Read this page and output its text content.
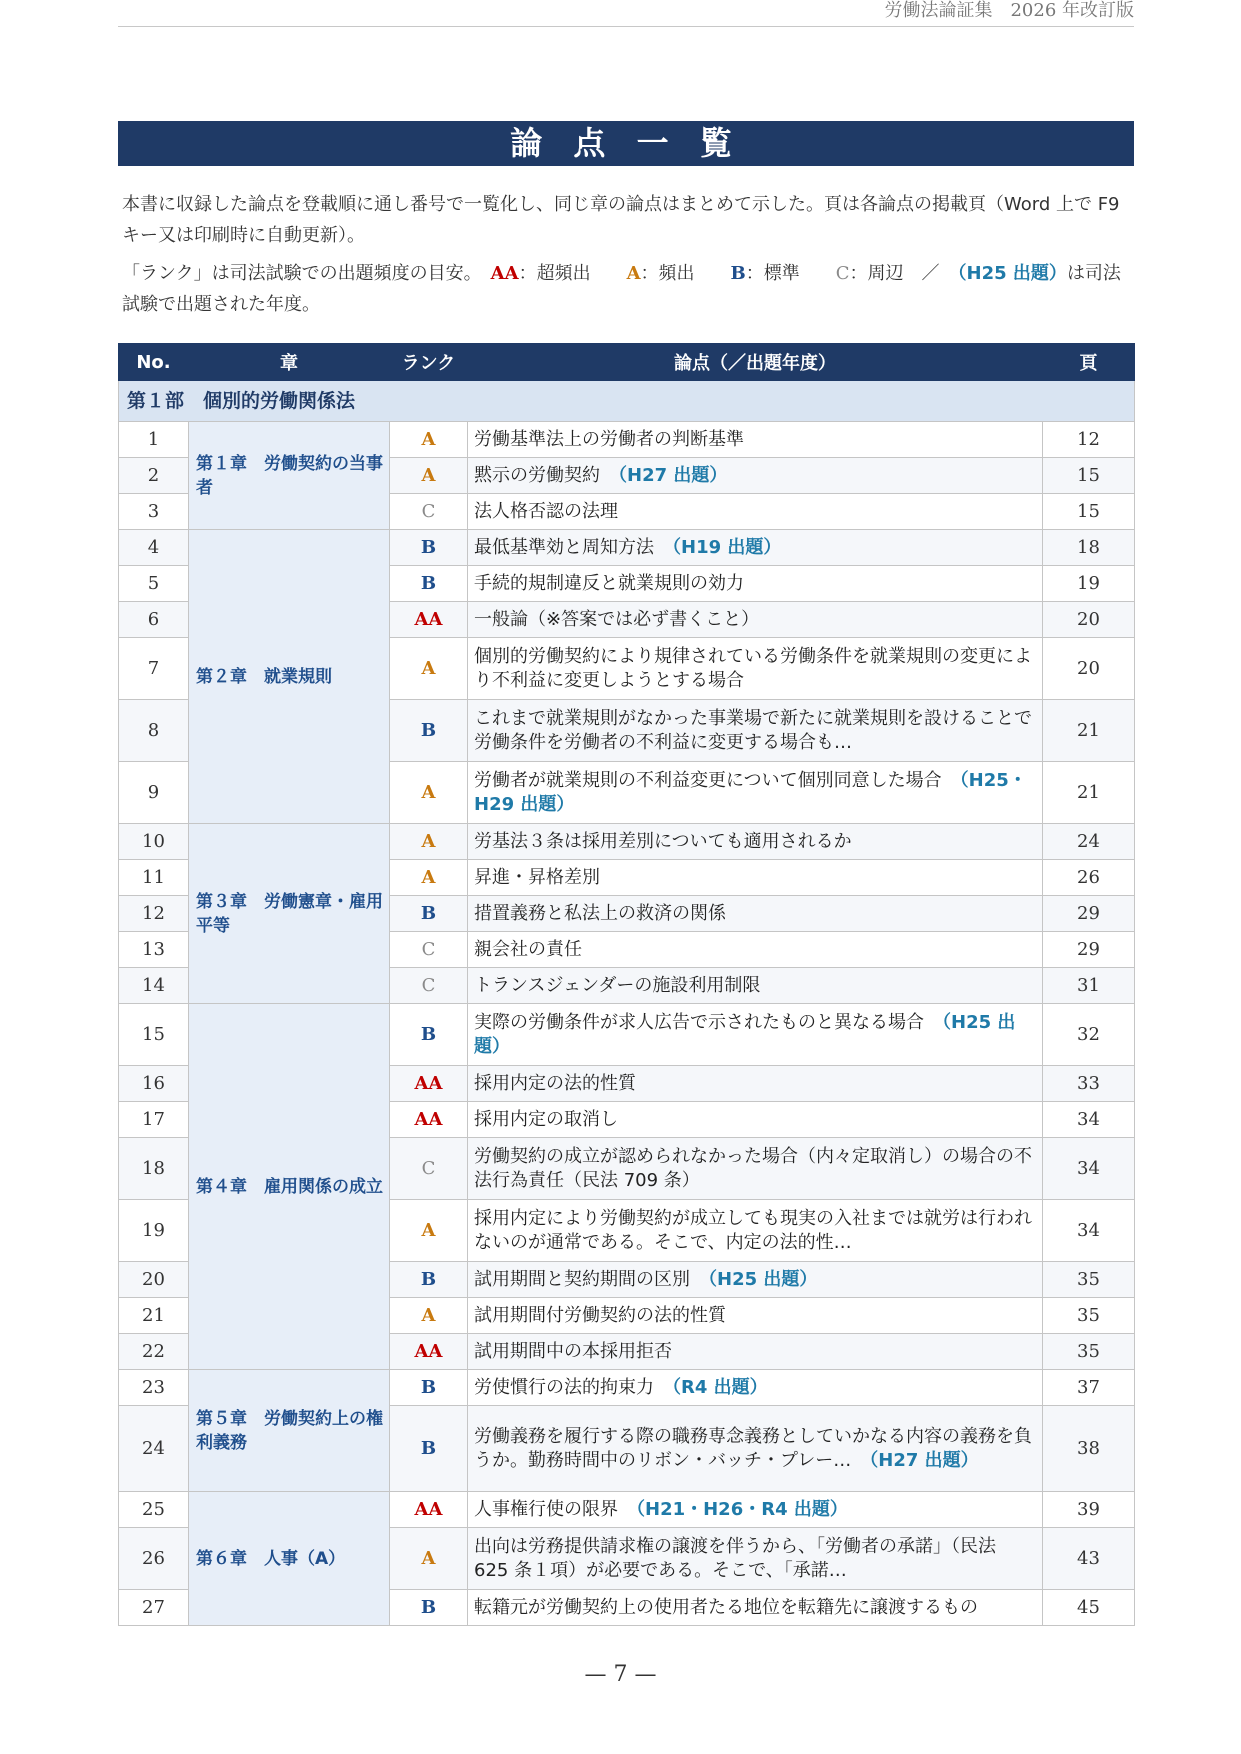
労働法論証集　2026 年改訂版
論 点 一 覧
本書に収録した論点を登載順に通し番号で一覧化し、同じ章の論点はまとめて示した。頁は各論点の掲載頁（Word 上で F9 キー又は印刷時に自動更新）。
「ランク」は司法試験での出題頻度の目安。　AA：超頻出　　A：頻出　　B：標準　　C：周辺　／　（H25 出題）は司法試験で出題された年度。
No.	章	ランク	論点（／出題年度）	頁
第１部　個別的労働関係法				
1	第１章　労働契約の当事者	A	労働基準法上の労働者の判断基準	12
2		A	黙示の労働契約　 （H27 出題）	15
3		C	法人格否認の法理	15
4	第２章　就業規則	B	最低基準効と周知方法　 （H19 出題）	18
5		B	手続的規制違反と就業規則の効力	19
6		AA	一般論（※答案では必ず書くこと）	20
7		A	個別的労働契約により規律されている労働条件を就業規則の変更により不利益に変更しようとする場合	20
8		B	これまで就業規則がなかった事業場で新たに就業規則を設けることで労働条件を労働者の不利益に変更する場合も…	21
9		A	労働者が就業規則の不利益変更について個別同意した場合　 （H25・H29 出題）	21
10	第３章　労働憲章・雇用平等	A	労基法３条は採用差別についても適用されるか	24
11		A	昇進・昇格差別	26
12		B	措置義務と私法上の救済の関係	29
13		C	親会社の責任	29
14		C	トランスジェンダーの施設利用制限	31
15	第４章　雇用関係の成立	B	実際の労働条件が求人広告で示されたものと異なる場合　 （H25 出題）	32
16		AA	採用内定の法的性質	33
17		AA	採用内定の取消し	34
18		C	労働契約の成立が認められなかった場合（内々定取消し）の場合の不法行為責任（民法 709 条）	34
19		A	採用内定により労働契約が成立しても現実の入社までは就労は行われないのが通常である。そこで、内定の法的性…	34
20		B	試用期間と契約期間の区別　 （H25 出題）	35
21		A	試用期間付労働契約の法的性質	35
22		AA	試用期間中の本採用拒否	35
23	第５章　労働契約上の権利義務	B	労使慣行の法的拘束力　 （R4 出題）	37
24		B	労働義務を履行する際の職務専念義務としていかなる内容の義務を負うか。勤務時間中のリボン・バッチ・プレー…　 （H27 出題）	38
25	第６章　人事（A）	AA	人事権行使の限界　 （H21・H26・R4 出題）	39
26		A	出向は労務提供請求権の譲渡を伴うから、「労働者の承諾」（民法 625 条１項）が必要である。そこで、「承諾…	43
27		B	転籍元が労働契約上の使用者たる地位を転籍先に譲渡するもの	45
— 7 —
